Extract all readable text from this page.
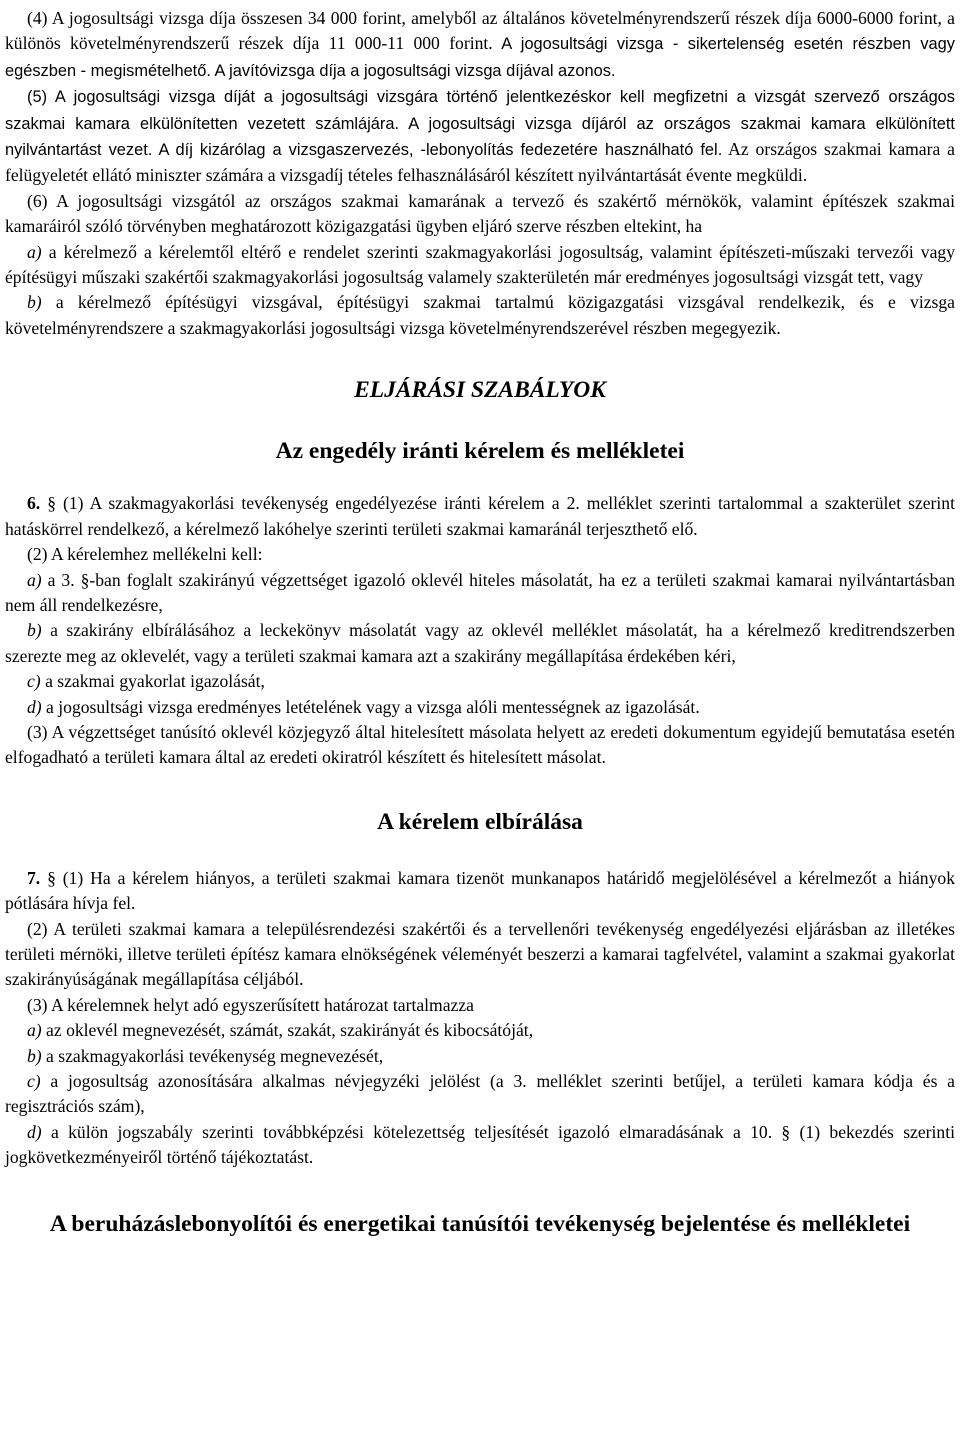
(4) A jogosultsági vizsga díja összesen 34 000 forint, amelyből az általános követelményrendszerű részek díja 6000-6000 forint, a különös követelményrendszerű részek díja 11 000-11 000 forint. A jogosultsági vizsga - sikertelenség esetén részben vagy egészben - megismételhető. A javítóvizsga díja a jogosultsági vizsga díjával azonos.

(5) A jogosultsági vizsga díját a jogosultsági vizsgára történő jelentkezéskor kell megfizetni a vizsgát szervező országos szakmai kamara elkülönítetten vezetett számlájára. A jogosultsági vizsga díjáról az országos szakmai kamara elkülönített nyilvántartást vezet. A díj kizárólag a vizsgaszervezés, -lebonyolítás fedezetére használható fel. Az országos szakmai kamara a felügyeletét ellátó miniszter számára a vizsgadíj tételes felhasználásáról készített nyilvántartását évente megküldi.

(6) A jogosultsági vizsgától az országos szakmai kamarának a tervező és szakértő mérnökök, valamint építészek szakmai kamaráiról szóló törvényben meghatározott közigazgatási ügyben eljáró szerve részben eltekint, ha

a) a kérelmező a kérelemtől eltérő e rendelet szerinti szakmagyakorlási jogosultság, valamint építészeti-műszaki tervezői vagy építésügyi műszaki szakértői szakmagyakorlási jogosultság valamely szakterületén már eredményes jogosultsági vizsgát tett, vagy

b) a kérelmező építésügyi vizsgával, építésügyi szakmai tartalmú közigazgatási vizsgával rendelkezik, és e vizsga követelményrendszere a szakmagyakorlási jogosultsági vizsga követelményrendszerével részben megegyezik.

ELJÁRÁSI SZABÁLYOK
Az engedély iránti kérelem és mellékletei

6. § (1) A szakmagyakorlási tevékenység engedélyezése iránti kérelem a 2. melléklet szerinti tartalommal a szakterület szerint hatáskörrel rendelkező, a kérelmező lakóhelye szerinti területi szakmai kamaránál terjeszthető elő.

(2) A kérelemhez mellékelni kell:

a) a 3. §-ban foglalt szakirányú végzettséget igazoló oklevél hiteles másolatát, ha ez a területi szakmai kamarai nyilvántartásban nem áll rendelkezésre,

b) a szakirány elbírálásához a leckekönyv másolatát vagy az oklevél melléklet másolatát, ha a kérelmező kreditrendszerben szerezte meg az oklevelét, vagy a területi szakmai kamara azt a szakirány megállapítása érdekében kéri,

c) a szakmai gyakorlat igazolását,

d) a jogosultsági vizsga eredményes letételének vagy a vizsga alóli mentességnek az igazolását.

(3) A végzettséget tanúsító oklevél közjegyző által hitelesített másolata helyett az eredeti dokumentum egyidejű bemutatása esetén elfogadható a területi kamara által az eredeti okiratról készített és hitelesített másolat.

A kérelem elbírálása

7. § (1) Ha a kérelem hiányos, a területi szakmai kamara tizenöt munkanapos határidő megjelölésével a kérelmezőt a hiányok pótlására hívja fel.

(2) A területi szakmai kamara a településrendezési szakértői és a tervellenőri tevékenység engedélyezési eljárásban az illetékes területi mérnöki, illetve területi építész kamara elnökségének véleményét beszerzi a kamarai tagfelvétel, valamint a szakmai gyakorlat szakirányúságának megállapítása céljából.

(3) A kérelemnek helyt adó egyszerűsített határozat tartalmazza

a) az oklevél megnevezését, számát, szakát, szakirányát és kibocsátóját,

b) a szakmagyakorlási tevékenység megnevezését,

c) a jogosultság azonosítására alkalmas névjegyzéki jelölést (a 3. melléklet szerinti betűjel, a területi kamara kódja és a regisztrációs szám),

d) a külön jogszabály szerinti továbbképzési kötelezettség teljesítését igazoló elmaradásának a 10. § (1) bekezdés szerinti jogkövetkezményeiről történő tájékoztatást.

A beruházáslebonyolítói és energetikai tanúsítói tevékenység bejelentése és mellékletei
